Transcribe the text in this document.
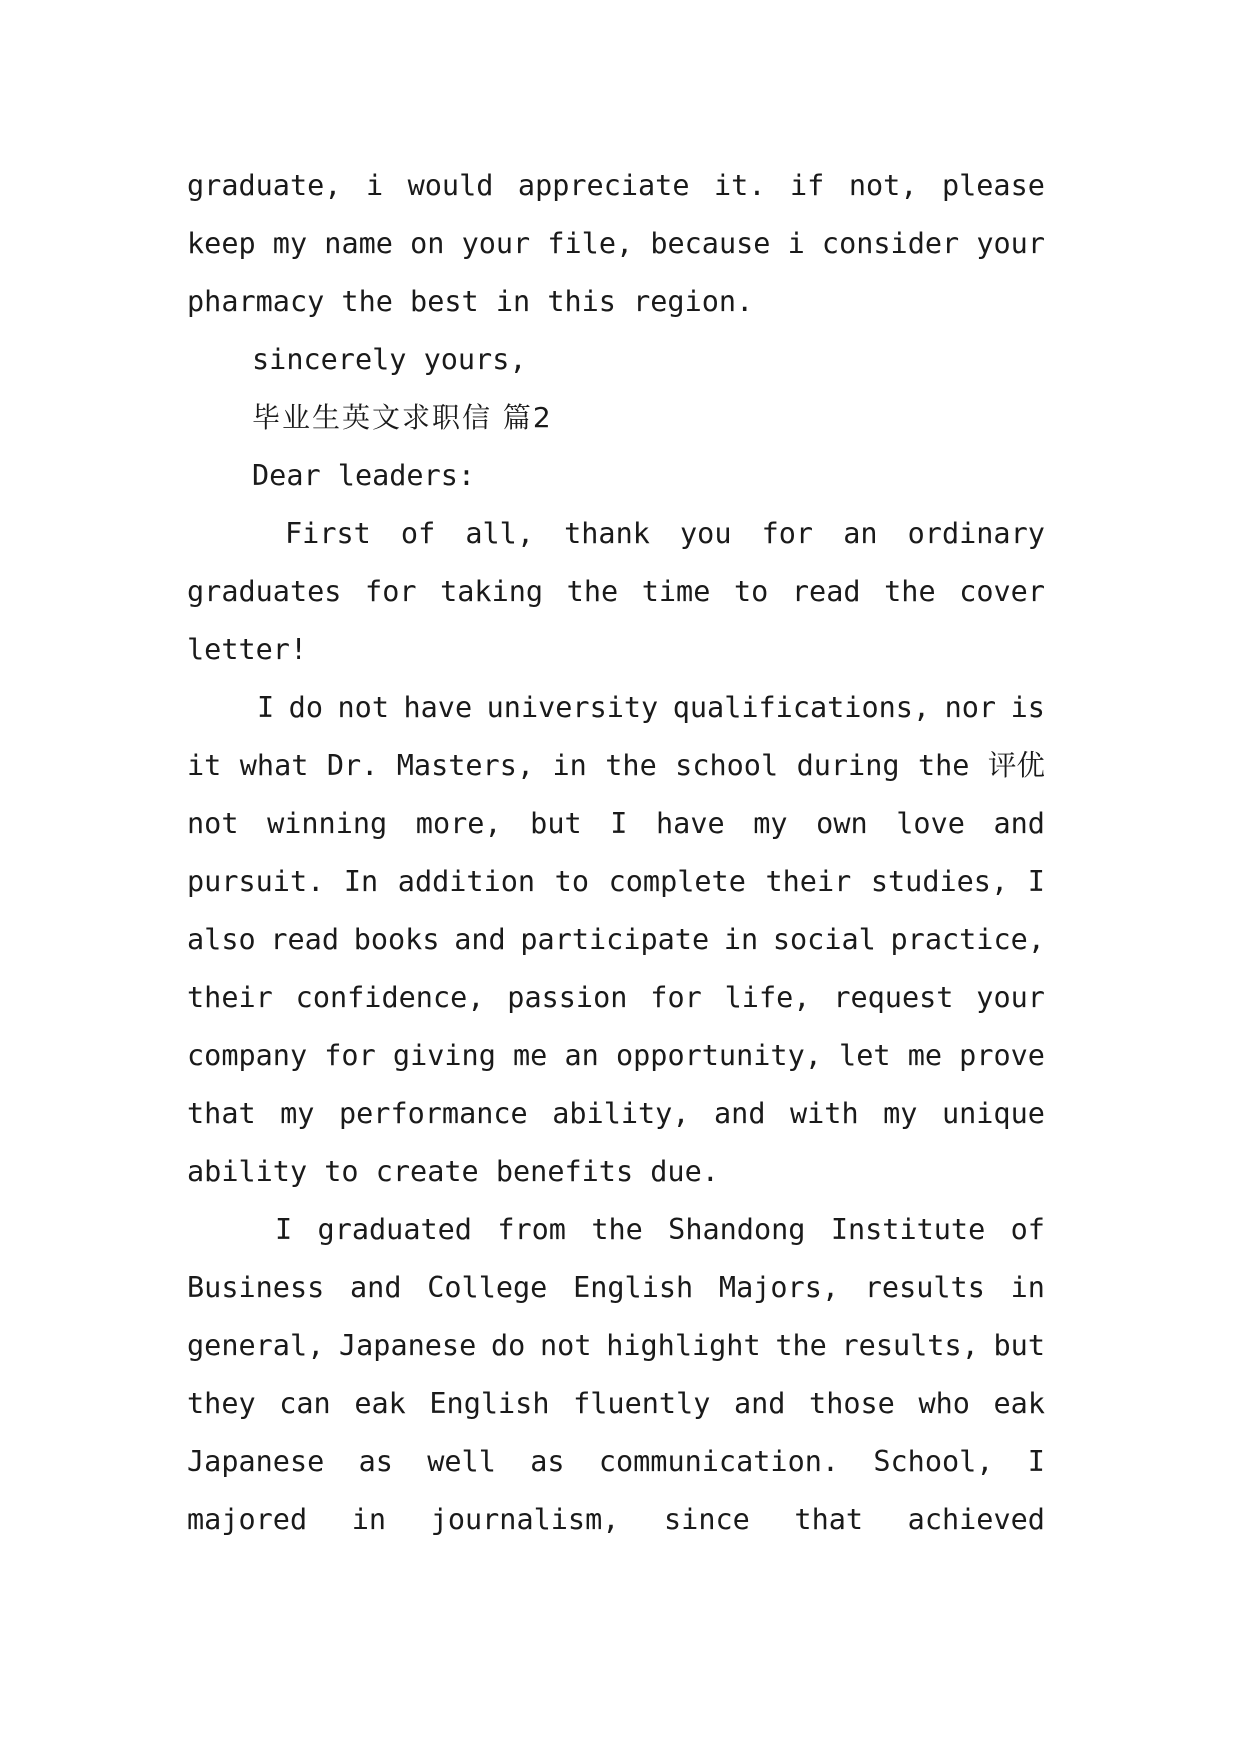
graduate, i would appreciate it. if not, please
keep my name on your file, because i consider your
pharmacy the best in this region.
sincerely yours,
毕业生英文求职信 篇2
Dear leaders:
First of all, thank you for an ordinary
graduates for taking the time to read the cover
letter!
I do not have university qualifications, nor is
it what Dr. Masters, in the school during the 评优
not winning more, but I have my own love and
pursuit. In addition to complete their studies, I
also read books and participate in social practice,
their confidence, passion for life, request your
company for giving me an opportunity, let me prove
that my performance ability, and with my unique
ability to create benefits due.
I graduated from the Shandong Institute of
Business and College English Majors, results in
general, Japanese do not highlight the results, but
they can eak English fluently and those who eak
Japanese as well as communication. School, I
majored in journalism, since that achieved
